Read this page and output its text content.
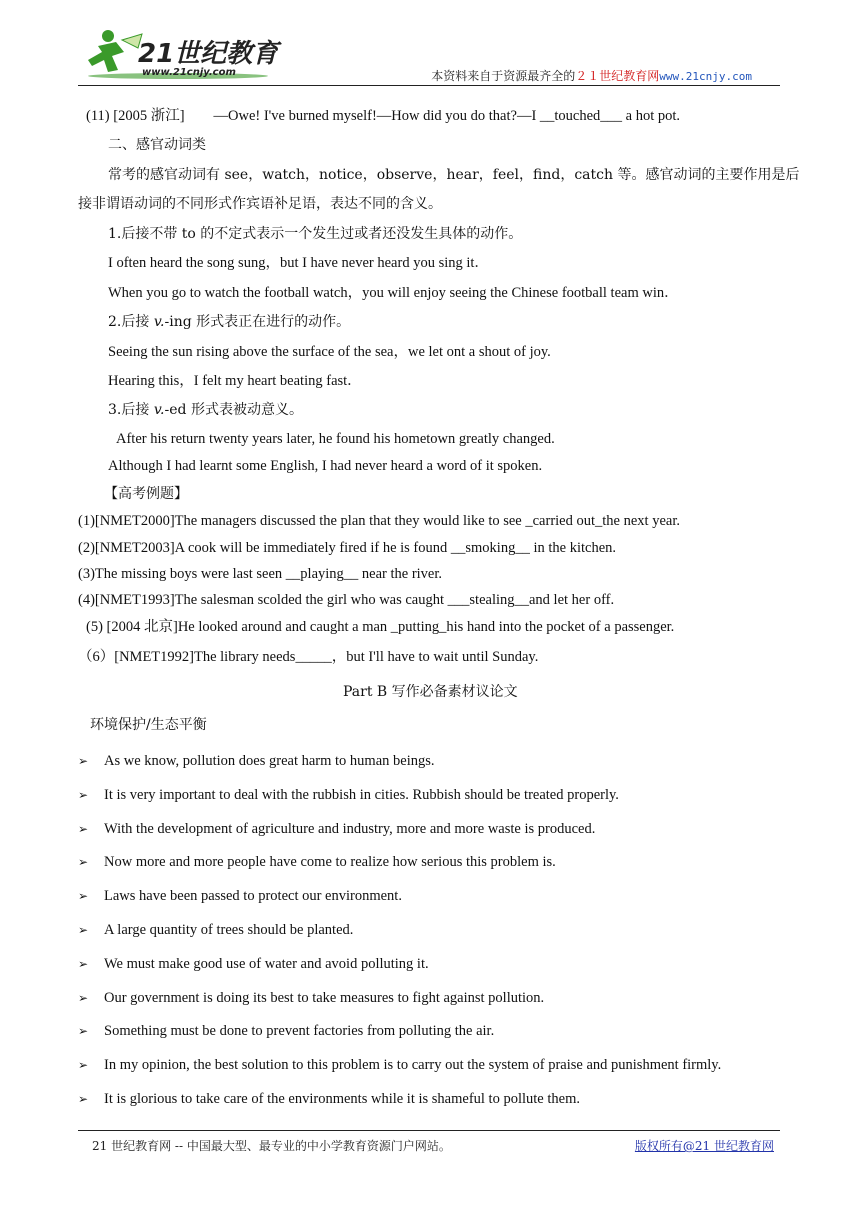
21世纪教育
www.21cnjy.com	本资料来自于资源最齐全的２１世纪教育网www.21cnjy.com
(11) [2005 浙江]　　—Owe! I've burned myself!—How did you do that?—I __touched___ a hot pot.
二、感官动词类
常考的感官动词有 see，watch，notice，observe，hear，feel，find，catch 等。感官动词的主要作用是后
接非谓语动词的不同形式作宾语补足语，表达不同的含义。
1.后接不带 to 的不定式表示一个发生过或者还没发生具体的动作。
I often heard the song sung，but I have never heard you sing it．
When you go to watch the football watch，you will enjoy seeing the Chinese football team win．
2.后接 v.-ing 形式表正在进行的动作。
Seeing the sun rising above the surface of the sea，we let ont a shout of joy.
Hearing this，I felt my heart beating fast．
3.后接 v.-ed 形式表被动意义。
After his return twenty years later, he found his hometown greatly changed.
Although I had learnt some English, I had never heard a word of it spoken.
【高考例题】
(1)[NMET2000]The managers discussed the plan that they would like to see _carried out_the next year.
(2)[NMET2003]A cook will be immediately fired if he is found __smoking__ in the kitchen.
(3)The missing boys were last seen __playing__ near the river.
(4)[NMET1993]The salesman scolded the girl who was caught ___stealing__and let her off.
(5) [2004 北京]He looked around and caught a man _putting_his hand into the pocket of a passenger.
（6）[NMET1992]The library needs_____，but I'll have to wait until Sunday.
Part B 写作必备素材议论文
环境保护/生态平衡
➢ As we know, pollution does great harm to human beings.
➢ It is very important to deal with the rubbish in cities. Rubbish should be treated properly.
➢ With the development of agriculture and industry, more and more waste is produced.
➢ Now more and more people have come to realize how serious this problem is.
➢ Laws have been passed to protect our environment.
➢ A large quantity of trees should be planted.
➢ We must make good use of water and avoid polluting it.
➢ Our government is doing its best to take measures to fight against pollution.
➢ Something must be done to prevent factories from polluting the air.
➢ In my opinion, the best solution to this problem is to carry out the system of praise and punishment firmly.
➢ It is glorious to take care of the environments while it is shameful to pollute them.
21 世纪教育网 -- 中国最大型、最专业的中小学教育资源门户网站。	版权所有@21 世纪教育网
